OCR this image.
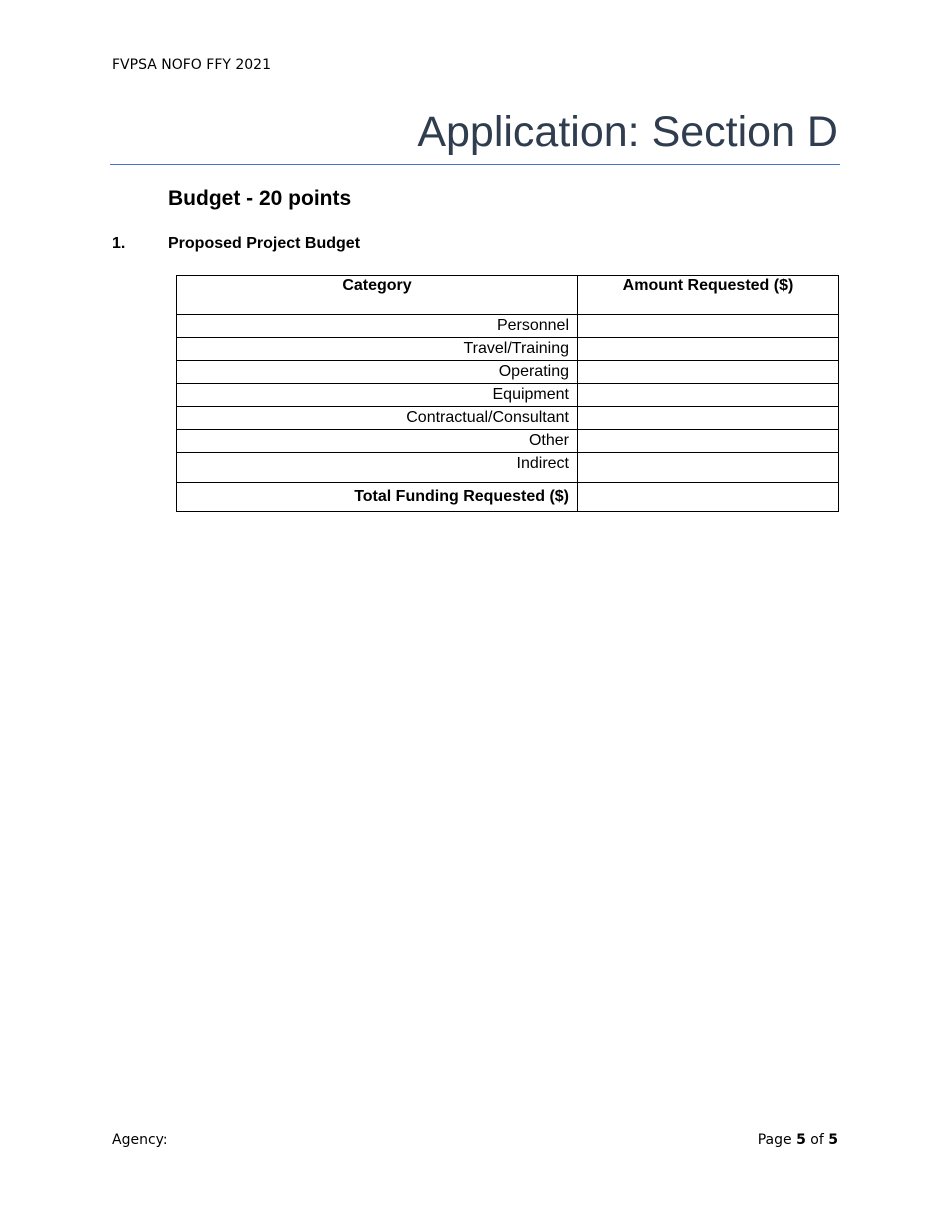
FVPSA NOFO FFY 2021
Application: Section D
Budget - 20 points
1.	Proposed Project Budget
Category	Amount Requested ($)
Personnel	
Travel/Training	
Operating	
Equipment	
Contractual/Consultant	
Other	
Indirect	
Total Funding Requested ($)	
Agency:	Page 5 of 5
